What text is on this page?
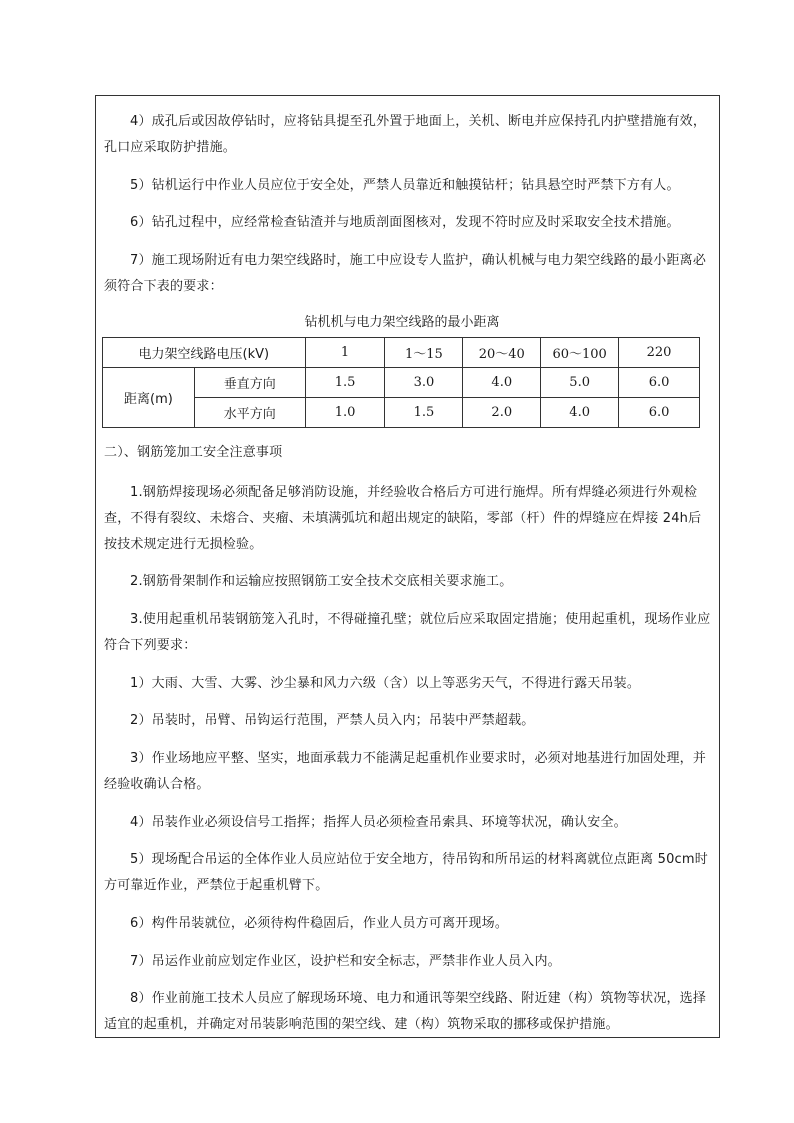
4）成孔后或因故停钻时，应将钻具提至孔外置于地面上，关机、断电并应保持孔内护壁措施有效，孔口应采取防护措施。

5）钻机运行中作业人员应位于安全处，严禁人员靠近和触摸钻杆；钻具悬空时严禁下方有人。

6）钻孔过程中，应经常检查钻渣并与地质剖面图核对，发现不符时应及时采取安全技术措施。

7）施工现场附近有电力架空线路时，施工中应设专人监护，确认机械与电力架空线路的最小距离必须符合下表的要求：

钻机机与电力架空线路的最小距离
电力架空线路电压(kV)		1	1～15	20～40	60～100	220
距离(m)	垂直方向	1.5	3.0	4.0	5.0	6.0
	水平方向	1.0	1.5	2.0	4.0	6.0

二）、钢筋笼加工安全注意事项

1.钢筋焊接现场必须配备足够消防设施，并经验收合格后方可进行施焊。所有焊缝必须进行外观检查，不得有裂纹、未熔合、夹瘤、未填满弧坑和超出规定的缺陷，零部（杆）件的焊缝应在焊接 24h后按技术规定进行无损检验。

2.钢筋骨架制作和运输应按照钢筋工安全技术交底相关要求施工。

3.使用起重机吊装钢筋笼入孔时，不得碰撞孔壁；就位后应采取固定措施；使用起重机，现场作业应符合下列要求：

1）大雨、大雪、大雾、沙尘暴和风力六级（含）以上等恶劣天气，不得进行露天吊装。

2）吊装时，吊臂、吊钩运行范围，严禁人员入内；吊装中严禁超载。

3）作业场地应平整、坚实，地面承载力不能满足起重机作业要求时，必须对地基进行加固处理，并经验收确认合格。

4）吊装作业必须设信号工指挥；指挥人员必须检查吊索具、环境等状况，确认安全。

5）现场配合吊运的全体作业人员应站位于安全地方，待吊钩和所吊运的材料离就位点距离 50cm时方可靠近作业，严禁位于起重机臂下。

6）构件吊装就位，必须待构件稳固后，作业人员方可离开现场。

7）吊运作业前应划定作业区，设护栏和安全标志，严禁非作业人员入内。

8）作业前施工技术人员应了解现场环境、电力和通讯等架空线路、附近建（构）筑物等状况，选择适宜的起重机，并确定对吊装影响范围的架空线、建（构）筑物采取的挪移或保护措施。
